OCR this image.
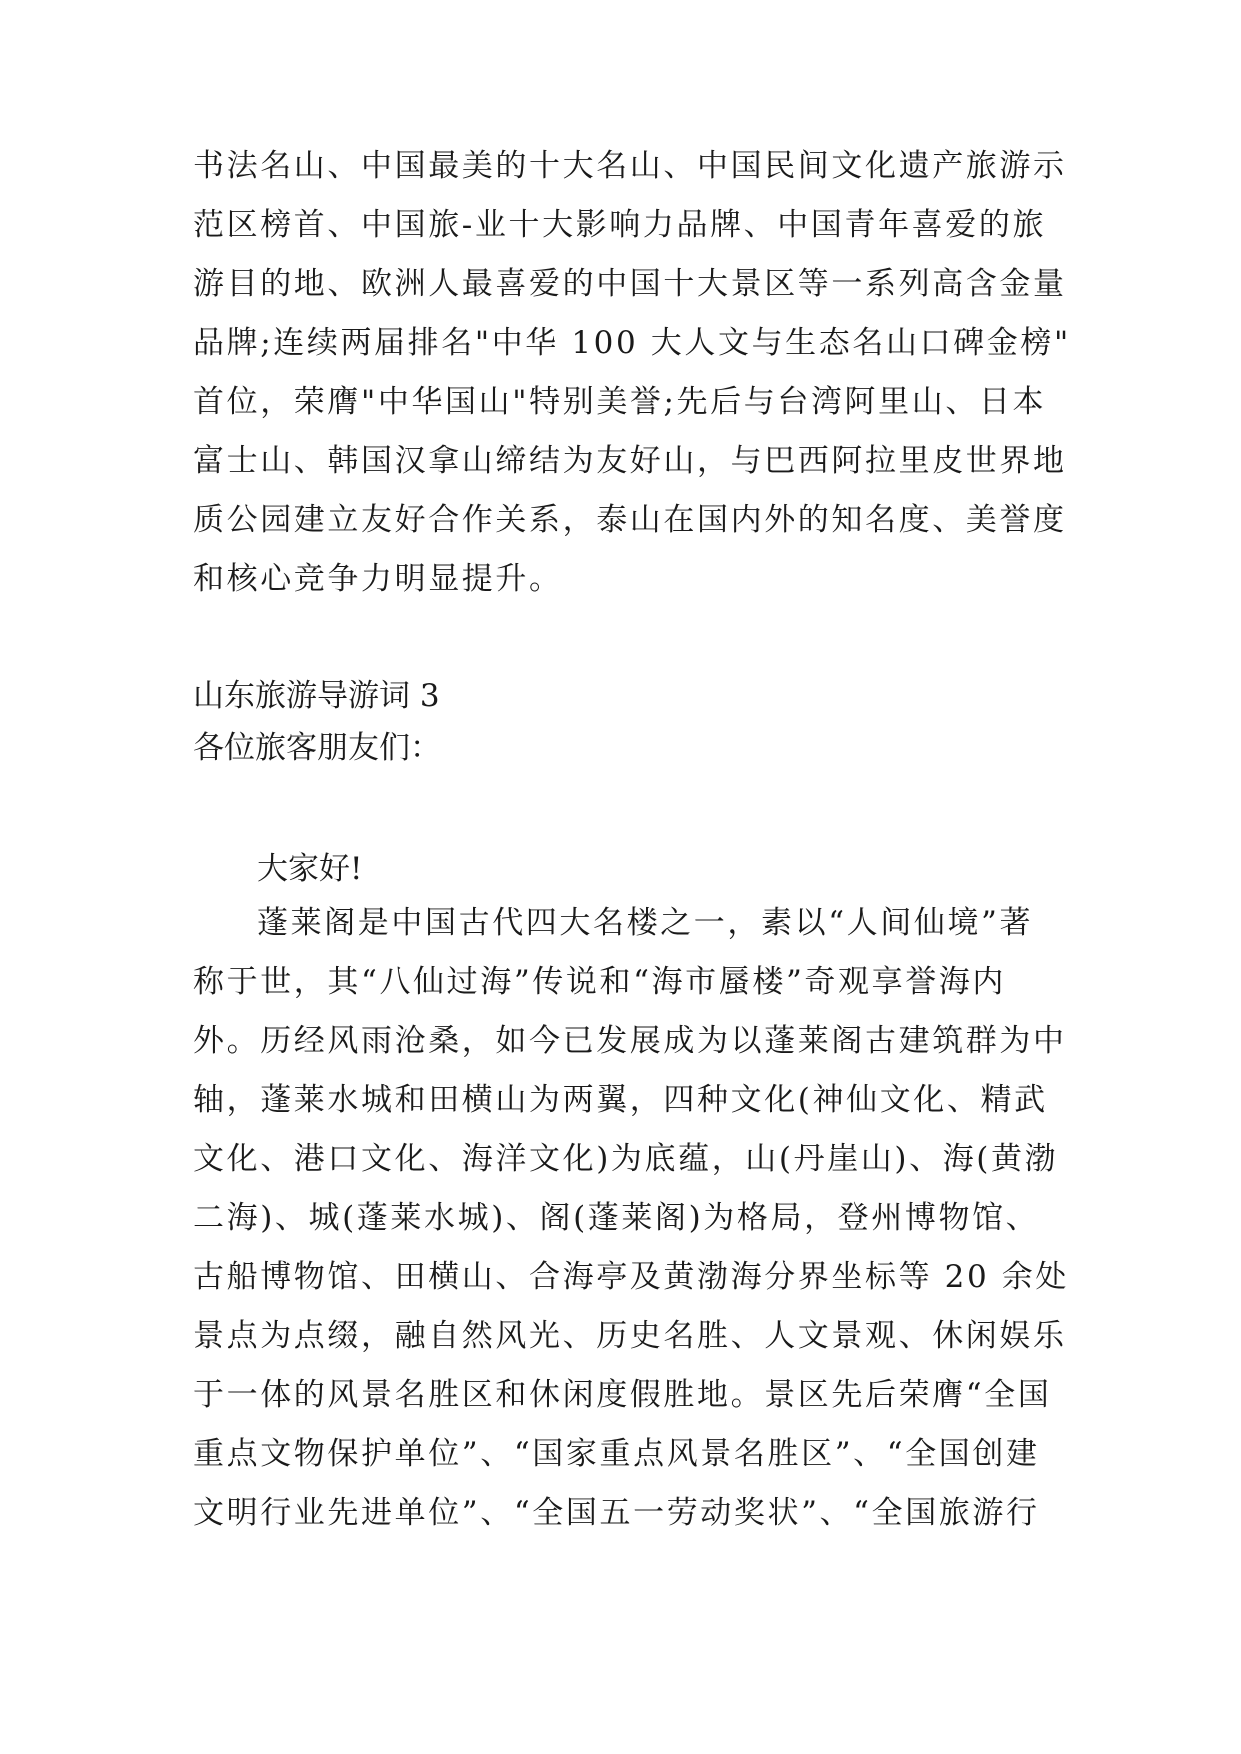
书法名山、中国最美的十大名山、中国民间文化遗产旅游示
范区榜首、中国旅-业十大影响力品牌、中国青年喜爱的旅
游目的地、欧洲人最喜爱的中国十大景区等一系列高含金量
品牌;连续两届排名"中华 100 大人文与生态名山口碑金榜"
首位，荣膺"中华国山"特别美誉;先后与台湾阿里山、日本
富士山、韩国汉拿山缔结为友好山，与巴西阿拉里皮世界地
质公园建立友好合作关系，泰山在国内外的知名度、美誉度
和核心竞争力明显提升。
山东旅游导游词 3
各位旅客朋友们：
大家好!
蓬莱阁是中国古代四大名楼之一，素以“人间仙境”著
称于世，其“八仙过海”传说和“海市蜃楼”奇观享誉海内
外。历经风雨沧桑，如今已发展成为以蓬莱阁古建筑群为中
轴，蓬莱水城和田横山为两翼，四种文化(神仙文化、精武
文化、港口文化、海洋文化)为底蕴，山(丹崖山)、海(黄渤
二海)、城(蓬莱水城)、阁(蓬莱阁)为格局，登州博物馆、
古船博物馆、田横山、合海亭及黄渤海分界坐标等 20 余处
景点为点缀，融自然风光、历史名胜、人文景观、休闲娱乐
于一体的风景名胜区和休闲度假胜地。景区先后荣膺“全国
重点文物保护单位”、“国家重点风景名胜区”、“全国创建
文明行业先进单位”、“全国五一劳动奖状”、“全国旅游行
